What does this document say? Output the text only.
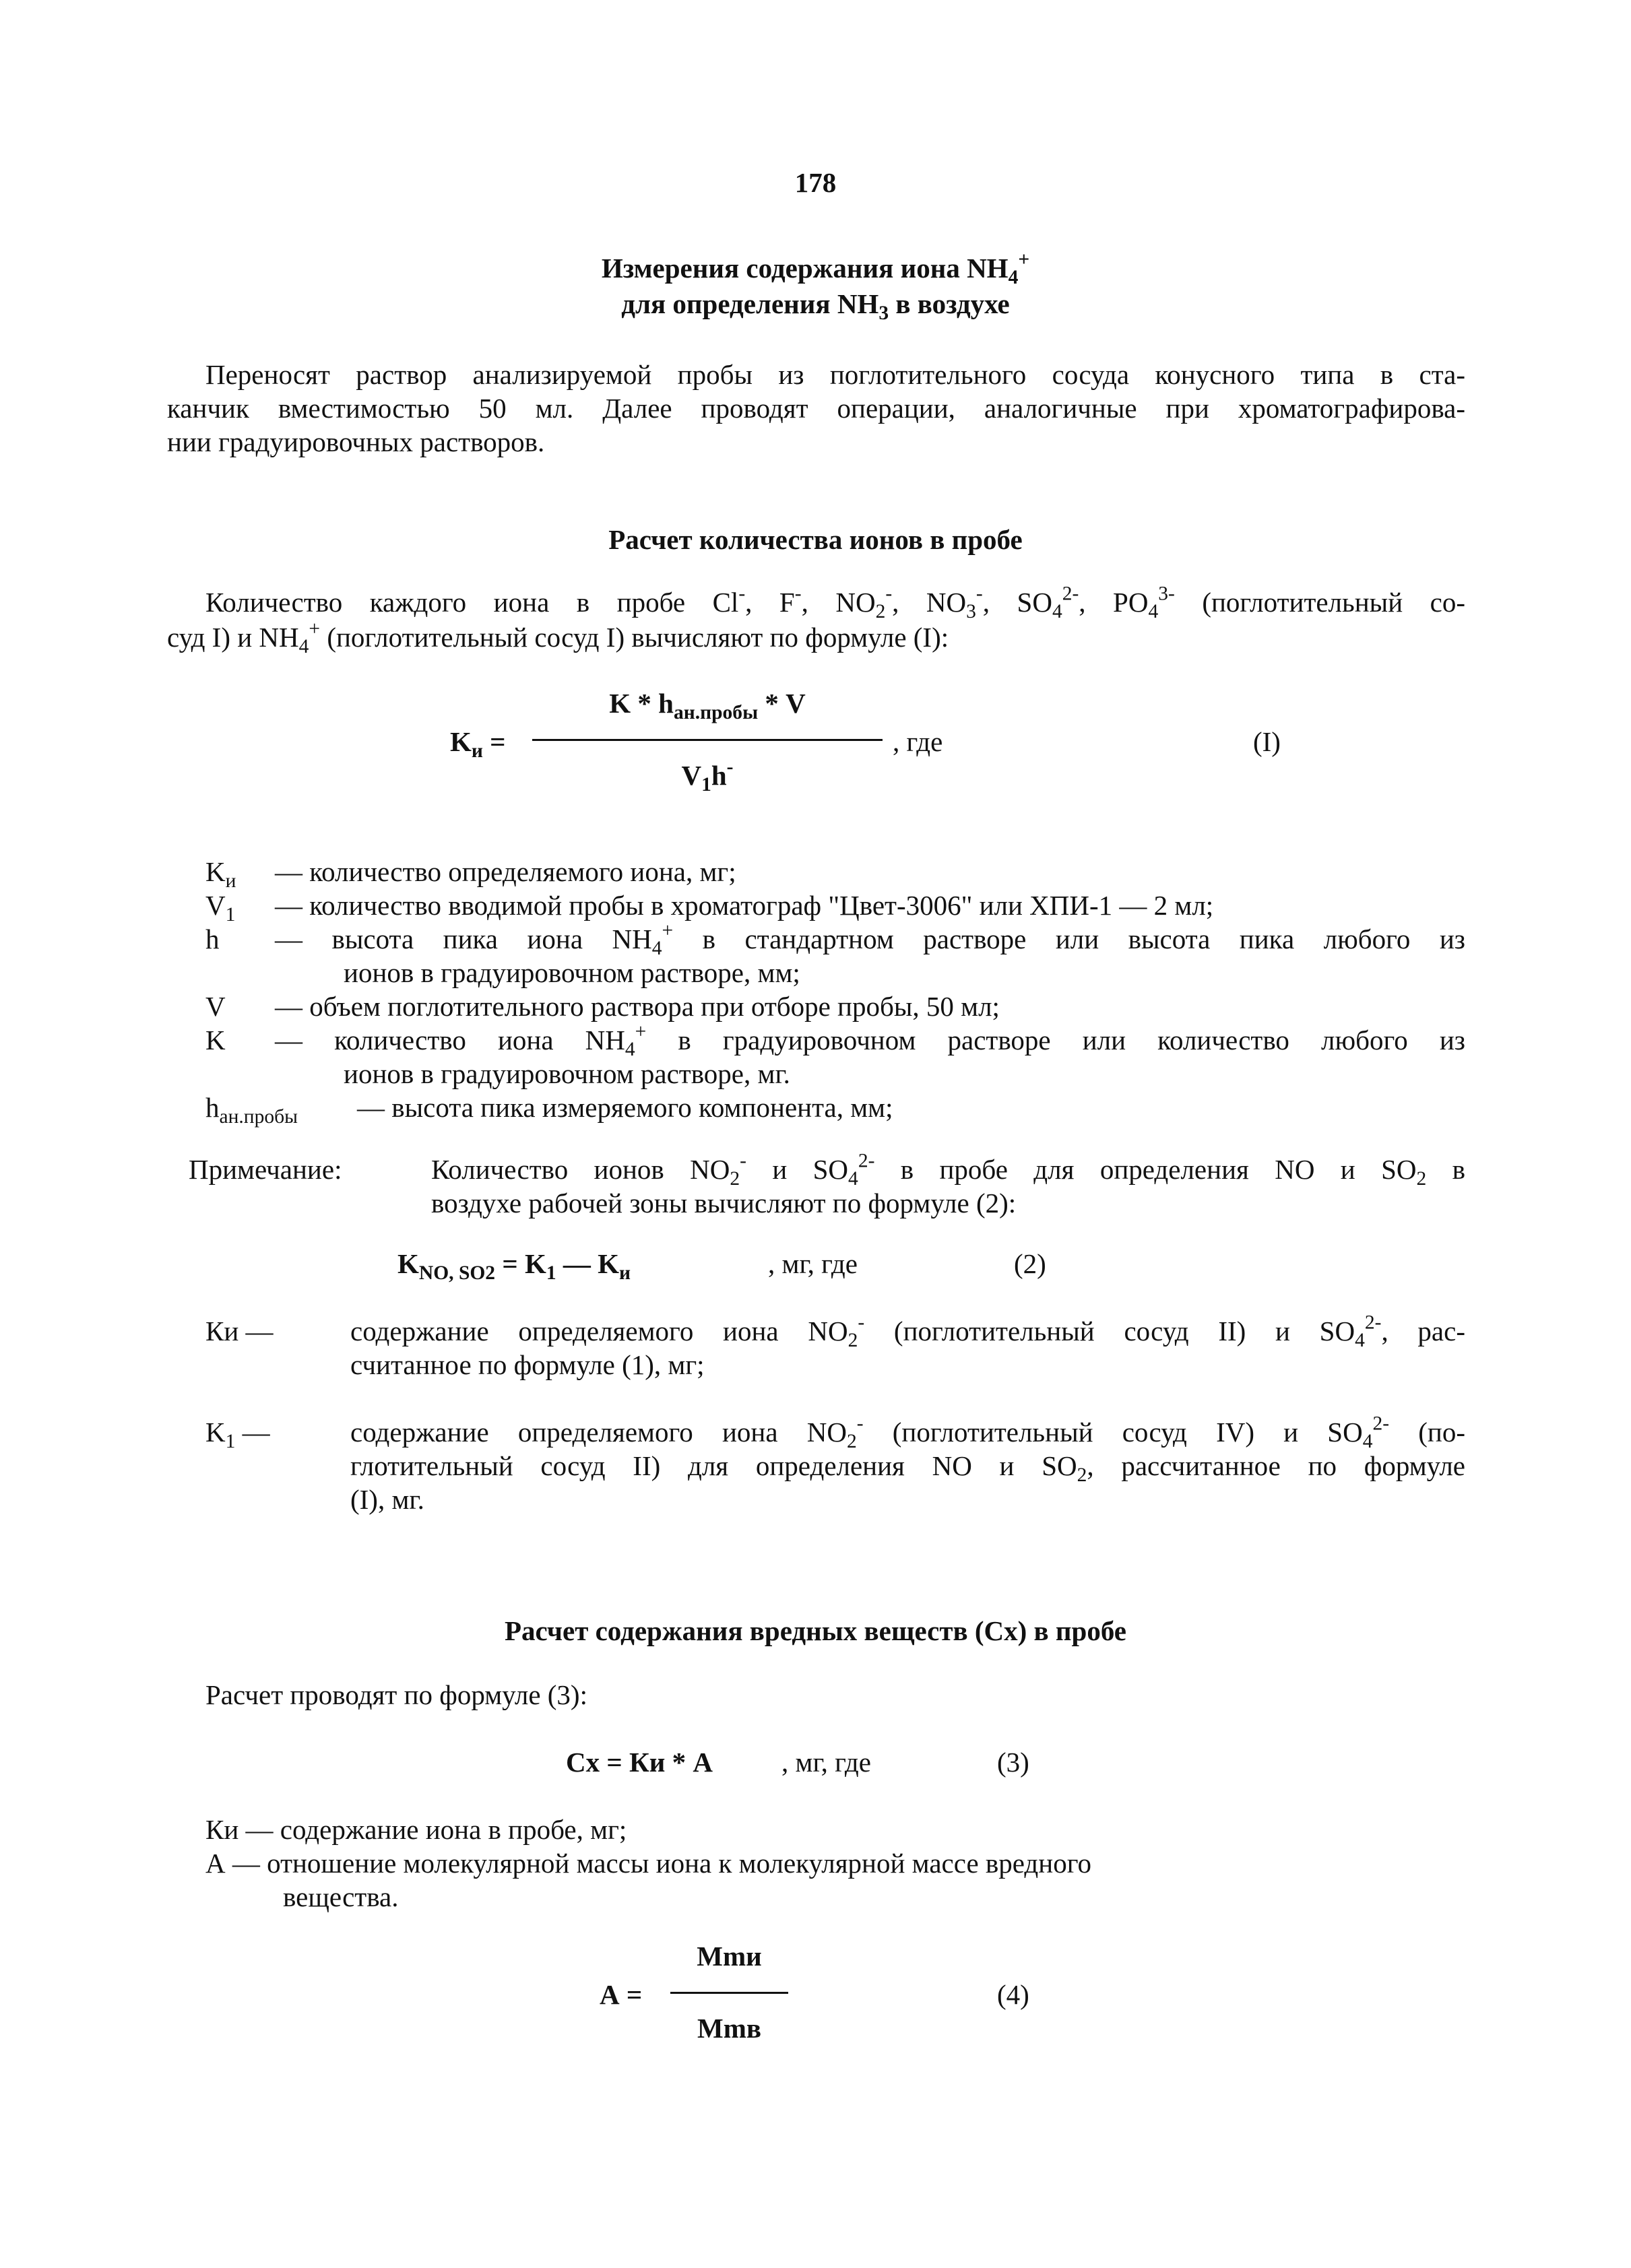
178
Измерения содержания иона $NH_4^+$
для определения $NH_3$ в воздухе
Переносят раствор анализируемой пробы из поглотительного сосуда конусного типа в ста-
канчик вместимостью 50 мл. Далее проводят операции, аналогичные при хроматографирова-
нии градуировочных растворов.
Расчет количества ионов в пробе
Количество каждого иона в пробе Cl-, F-, $NO_2^-$, $NO_3^-$, $SO_4^{2-}$, $PO_4^{3-}$ (поглотительный со-
суд I) и $NH_4^+$ (поглотительный сосуд I) вычисляют по формуле (I):
$K_и$ =
K * $h_{ан.пробы}$ * V
$V_1h^-$
, где	(I)
$K_и$ — количество определяемого иона, мг;
$V_1$ — количество вводимой пробы в хроматограф "Цвет-3006" или ХПИ-1 — 2 мл;
h — высота пика иона $NH_4^+$ в стандартном растворе или высота пика любого из
ионов в градуировочном растворе, мм;
V — объем поглотительного раствора при отборе пробы, 50 мл;
K — количество иона $NH_4^+$ в градуировочном растворе или количество любого из
ионов в градуировочном растворе, мг.
$h_{ан.пробы}$ — высота пика измеряемого компонента, мм;
Примечание:	Количество ионов $NO_2^-$ и $SO_4^{2-}$ в пробе для определения NO и $SO_2$ в
воздухе рабочей зоны вычисляют по формуле (2):
$K_{NO, SO2} = K_1$ — $K_и$	, мг, где	(2)
Ки —	содержание определяемого иона $NO_2^-$ (поглотительный сосуд II) и $SO_4^{2-}$, рас-
считанное по формуле (1), мг;
$K_1$ —	содержание определяемого иона $NO_2^-$ (поглотительный сосуд IV) и $SO_4^{2-}$ (по-
глотительный сосуд II) для определения NO и $SO_2$, рассчитанное по формуле
(I), мг.
Расчет содержания вредных веществ (Сх) в пробе
Расчет проводят по формуле (3):
Сх = Ки * А , мг, где	(3)
Ки — содержание иона в пробе, мг;
А — отношение молекулярной массы иона к молекулярной массе вредного
вещества.
А =
Mmи
Mmв
(4)
